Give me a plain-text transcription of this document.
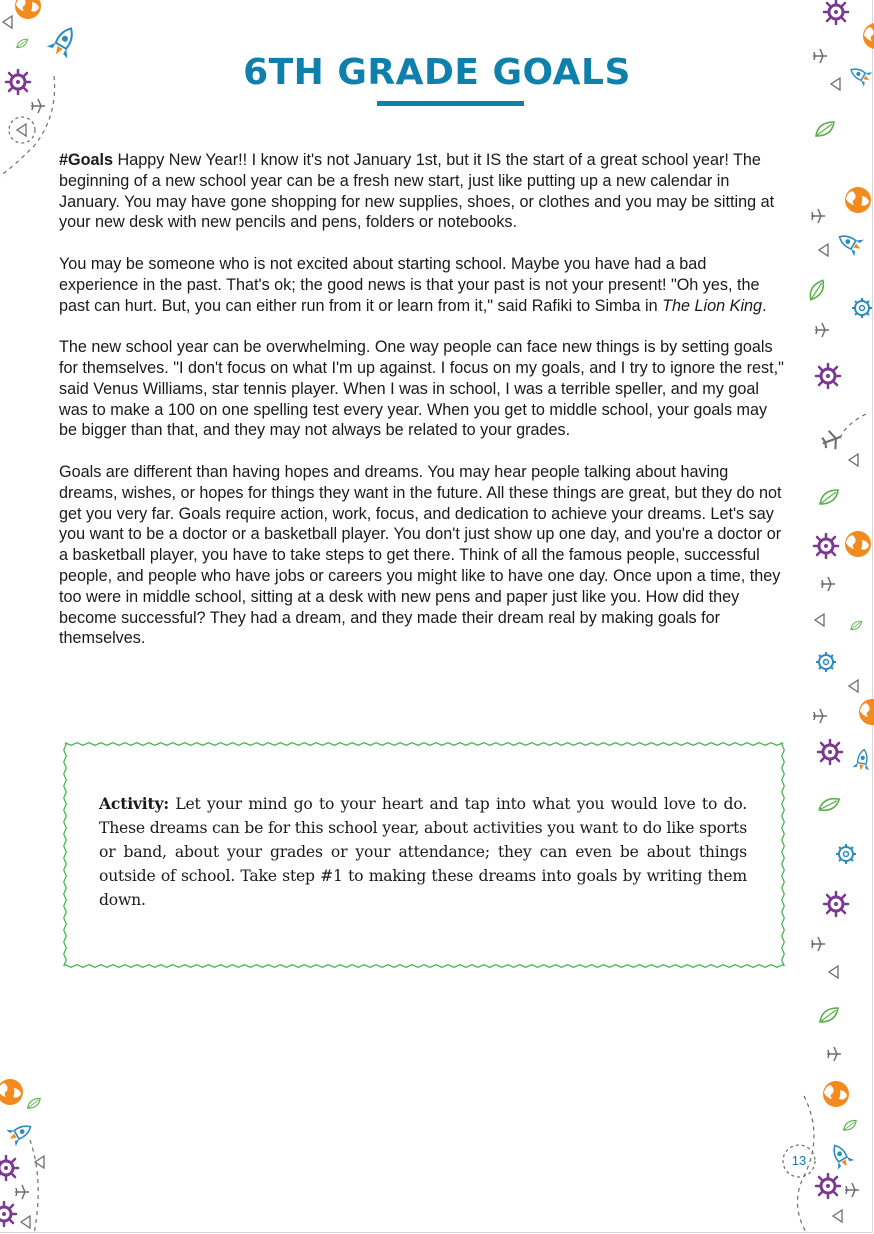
6TH GRADE GOALS

#Goals Happy New Year!! I know it's not January 1st, but it IS the start of a great school year! The beginning of a new school year can be a fresh new start, just like putting up a new calendar in January. You may have gone shopping for new supplies, shoes, or clothes and you may be sitting at your new desk with new pencils and pens, folders or notebooks.

You may be someone who is not excited about starting school. Maybe you have had a bad experience in the past. That's ok; the good news is that your past is not your present! "Oh yes, the past can hurt. But, you can either run from it or learn from it," said Rafiki to Simba in The Lion King.

The new school year can be overwhelming. One way people can face new things is by setting goals for themselves. "I don't focus on what I'm up against. I focus on my goals, and I try to ignore the rest," said Venus Williams, star tennis player. When I was in school, I was a terrible speller, and my goal was to make a 100 on one spelling test every year. When you get to middle school, your goals may be bigger than that, and they may not always be related to your grades.

Goals are different than having hopes and dreams. You may hear people talking about having dreams, wishes, or hopes for things they want in the future. All these things are great, but they do not get you very far. Goals require action, work, focus, and dedication to achieve your dreams. Let's say you want to be a doctor or a basketball player. You don't just show up one day, and you're a doctor or a basketball player, you have to take steps to get there. Think of all the famous people, successful people, and people who have jobs or careers you might like to have one day. Once upon a time, they too were in middle school, sitting at a desk with new pens and paper just like you. How did they become successful? They had a dream, and they made their dream real by making goals for themselves.

Activity: Let your mind go to your heart and tap into what you would love to do. These dreams can be for this school year, about activities you want to do like sports or band, about your grades or your attendance; they can even be about things outside of school. Take step #1 to making these dreams into goals by writing them down.
13
